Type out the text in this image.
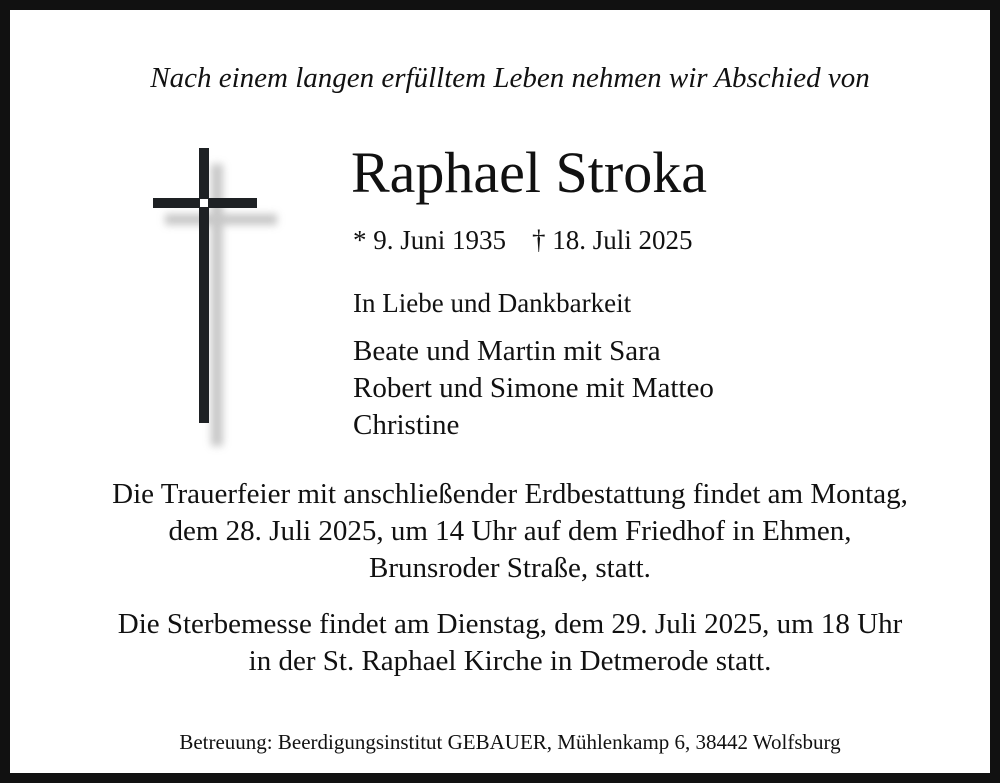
Nach einem langen erfülltem Leben nehmen wir Abschied von
Raphael Stroka
* 9. Juni 1935 † 18. Juli 2025
In Liebe und Dankbarkeit
Beate und Martin mit Sara
Robert und Simone mit Matteo
Christine
Die Trauerfeier mit anschließender Erdbestattung findet am Montag,
dem 28. Juli 2025, um 14 Uhr auf dem Friedhof in Ehmen,
Brunsroder Straße, statt.
Die Sterbemesse findet am Dienstag, dem 29. Juli 2025, um 18 Uhr
in der St. Raphael Kirche in Detmerode statt.
Betreuung: Beerdigungsinstitut GEBAUER, Mühlenkamp 6, 38442 Wolfsburg
